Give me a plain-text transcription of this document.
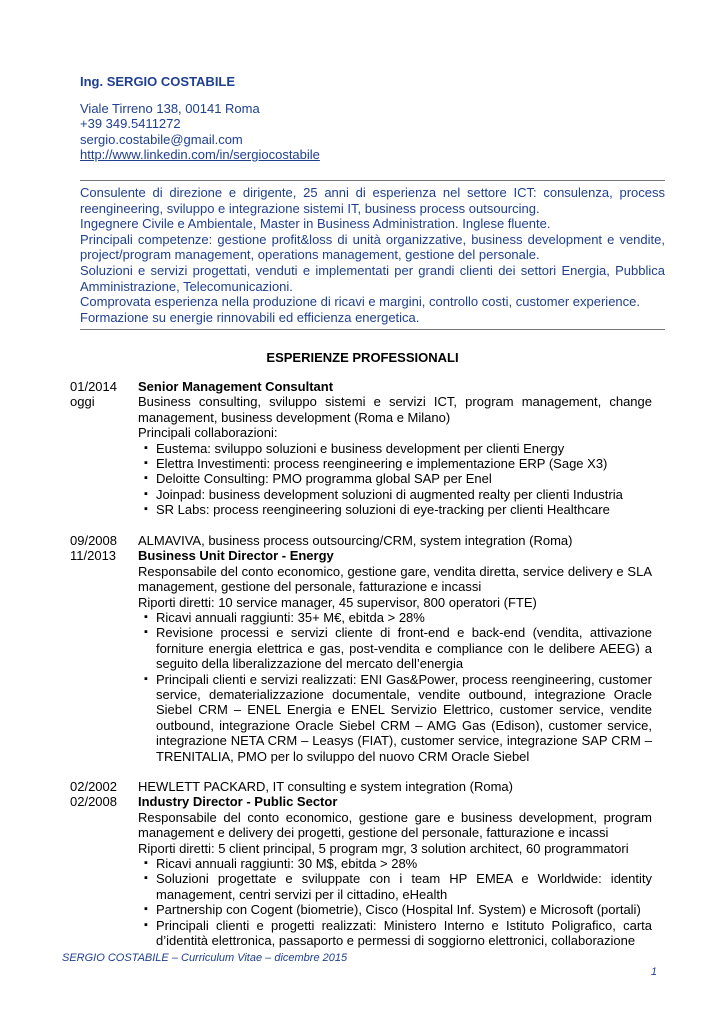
Ing. SERGIO COSTABILE
Viale Tirreno 138, 00141 Roma
+39 349.5411272
sergio.costabile@gmail.com
http://www.linkedin.com/in/sergiocostabile

Consulente di direzione e dirigente, 25 anni di esperienza nel settore ICT: consulenza, process reengineering, sviluppo e integrazione sistemi IT, business process outsourcing.

Ingegnere Civile e Ambientale, Master in Business Administration. Inglese fluente.

Principali competenze: gestione profit&loss di unità organizzative, business development e vendite, project/program management, operations management, gestione del personale.

Soluzioni e servizi progettati, venduti e implementati per grandi clienti dei settori Energia, Pubblica Amministrazione, Telecomunicazioni.

Comprovata esperienza nella produzione di ricavi e margini, controllo costi, customer experience.

Formazione su energie rinnovabili ed efficienza energetica.

ESPERIENZE PROFESSIONALI
01/2014
oggi
Senior Management Consultant

Business consulting, sviluppo sistemi e servizi ICT, program management, change management, business development (Roma e Milano)

Principali collaborazioni:

▪ Eustema: sviluppo soluzioni e business development per clienti Energy
▪ Elettra Investimenti: process reengineering e implementazione ERP (Sage X3)
▪ Deloitte Consulting: PMO programma global SAP per Enel
▪ Joinpad: business development soluzioni di augmented realty per clienti Industria
▪ SR Labs: process reengineering soluzioni di eye-tracking per clienti Healthcare
09/2008
11/2013
ALMAVIVA, business process outsourcing/CRM, system integration (Roma)
Business Unit Director - Energy

Responsabile del conto economico, gestione gare, vendita diretta, service delivery e SLA management, gestione del personale, fatturazione e incassi

Riporti diretti: 10 service manager, 45 supervisor, 800 operatori (FTE)

▪ Ricavi annuali raggiunti: 35+ M€, ebitda > 28%
▪ Revisione processi e servizi cliente di front-end e back-end (vendita, attivazione forniture energia elettrica e gas, post-vendita e compliance con le delibere AEEG) a seguito della liberalizzazione del mercato dell’energia
▪ Principali clienti e servizi realizzati: ENI Gas&Power, process reengineering, customer service, dematerializzazione documentale, vendite outbound, integrazione Oracle Siebel CRM – ENEL Energia e ENEL Servizio Elettrico, customer service, vendite outbound, integrazione Oracle Siebel CRM – AMG Gas (Edison), customer service, integrazione NETA CRM – Leasys (FIAT), customer service, integrazione SAP CRM – TRENITALIA, PMO per lo sviluppo del nuovo CRM Oracle Siebel
02/2002
02/2008
HEWLETT PACKARD, IT consulting e system integration (Roma)
Industry Director - Public Sector

Responsabile del conto economico, gestione gare e business development, program management e delivery dei progetti, gestione del personale, fatturazione e incassi

Riporti diretti: 5 client principal, 5 program mgr, 3 solution architect, 60 programmatori

▪ Ricavi annuali raggiunti: 30 M$, ebitda > 28%
▪ Soluzioni progettate e sviluppate con i team HP EMEA e Worldwide: identity management, centri servizi per il cittadino, eHealth
▪ Partnership con Cogent (biometrie), Cisco (Hospital Inf. System) e Microsoft (portali)
▪ Principali clienti e progetti realizzati: Ministero Interno e Istituto Poligrafico, carta d’identità elettronica, passaporto e permessi di soggiorno elettronici, collaborazione
SERGIO COSTABILE – Curriculum Vitae – dicembre 2015
1
